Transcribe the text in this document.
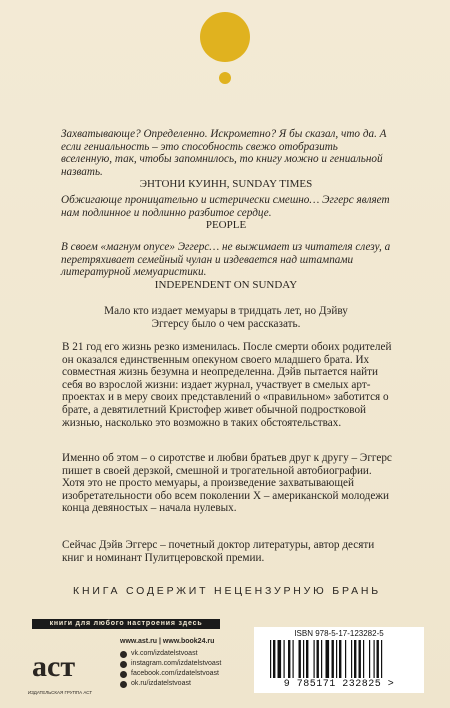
Захватывающе? Определенно. Искрометно? Я бы сказал, что да. А если гениальность – это способность свежо отобразить вселенную, так, чтобы запомнилось, то книгу можно и гениальной назвать.

ЭНТОНИ КУИНН, SUNDAY TIMES

Обжигающе проницательно и истерически смешно… Эггерс являет нам подлинное и подлинно разбитое сердце.

PEOPLE

В своем «магнум опусе» Эггерс… не выжимает из читателя слезу, а перетряхивает семейный чулан и издевается над штампами литературной мемуаристики.

INDEPENDENT ON SUNDAY

Мало кто издает мемуары в тридцать лет, но Дэйву Эггерсу было о чем рассказать.

В 21 год его жизнь резко изменилась. После смерти обоих родителей он оказался единственным опекуном своего младшего брата. Их совместная жизнь безумна и неопределенна. Дэйв пытается найти себя во взрослой жизни: издает журнал, участвует в смелых арт-проектах и в меру своих представлений о «правильном» заботится о брате, а девятилетний Кристофер живет обычной подростковой жизнью, насколько это возможно в таких обстоятельствах.

Именно об этом – о сиротстве и любви братьев друг к другу – Эггерс пишет в своей дерзкой, смешной и трогательной автобиографии. Хотя это не просто мемуары, а произведение захватывающей изобретательности обо всем поколении X – американской молодежи конца девяностых – начала нулевых.

Сейчас Дэйв Эггерс – почетный доктор литературы, автор десяти книг и номинант Пулитцеровской премии.

КНИГА СОДЕРЖИТ НЕЦЕНЗУРНУЮ БРАНЬ
книги для любого настроения здесь
аст
ИЗДАТЕЛЬСКАЯ ГРУППА АСТ
www.ast.ru | www.book24.ru
vk.com/izdatelstvoast
instagram.com/izdatelstvoast
facebook.com/izdatelstvoast
ok.ru/izdatelstvoast
ISBN 978-5-17-123282-5
9 785171 232825 >
